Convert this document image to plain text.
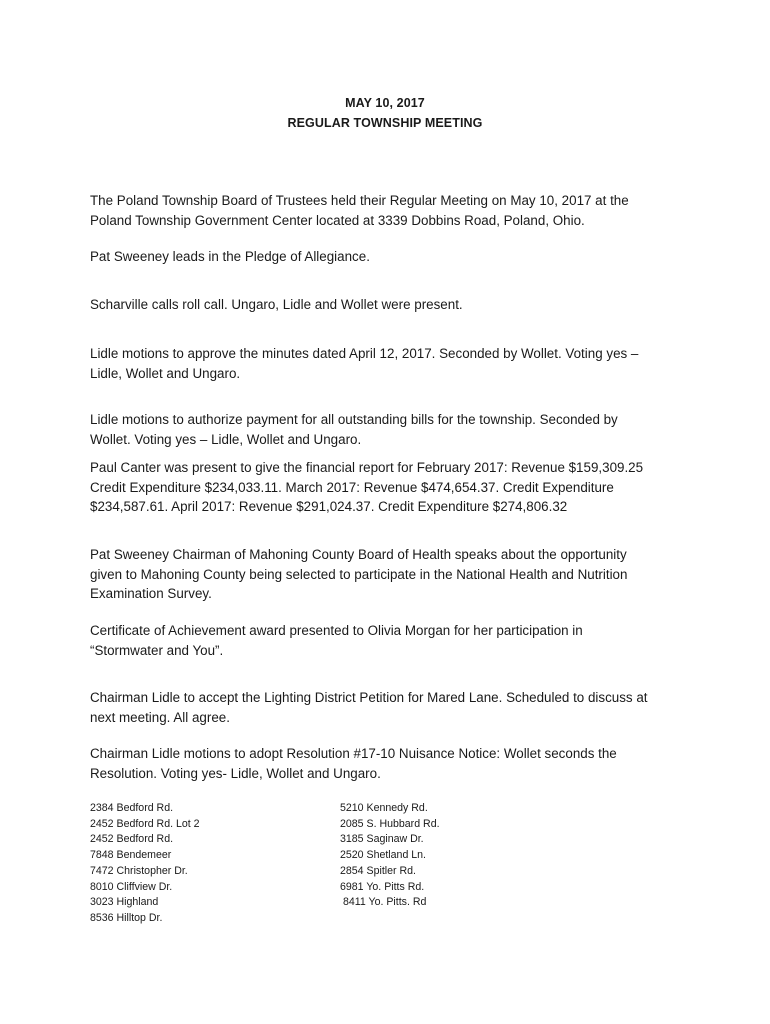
MAY 10, 2017
REGULAR TOWNSHIP MEETING

The Poland Township Board of Trustees held their Regular Meeting on May 10, 2017 at the
Poland Township Government Center located at 3339 Dobbins Road, Poland, Ohio.

Pat Sweeney leads in the Pledge of Allegiance.

Scharville calls roll call. Ungaro, Lidle and Wollet were present.

Lidle motions to approve the minutes dated April 12, 2017. Seconded by Wollet. Voting yes –
Lidle, Wollet and Ungaro.

Lidle motions to authorize payment for all outstanding bills for the township. Seconded by
Wollet. Voting yes – Lidle, Wollet and Ungaro.

Paul Canter was present to give the financial report for February 2017: Revenue $159,309.25
Credit Expenditure $234,033.11. March 2017: Revenue $474,654.37. Credit Expenditure
$234,587.61. April 2017: Revenue $291,024.37. Credit Expenditure $274,806.32

Pat Sweeney Chairman of Mahoning County Board of Health speaks about the opportunity
given to Mahoning County being selected to participate in the National Health and Nutrition
Examination Survey.

Certificate of Achievement award presented to Olivia Morgan for her participation in
“Stormwater and You”.

Chairman Lidle to accept the Lighting District Petition for Mared Lane. Scheduled to discuss at
next meeting. All agree.

Chairman Lidle motions to adopt Resolution #17-10 Nuisance Notice: Wollet seconds the
Resolution. Voting yes- Lidle, Wollet and Ungaro.

2384 Bedford Rd.
2452 Bedford Rd. Lot 2
2452 Bedford Rd.
7848 Bendemeer
7472 Christopher Dr.
8010 Cliffview Dr.
3023 Highland
8536 Hilltop Dr.
5210 Kennedy Rd.
2085 S. Hubbard Rd.
3185 Saginaw Dr.
2520 Shetland Ln.
2854 Spitler Rd.
6981 Yo. Pitts Rd.
8411 Yo. Pitts. Rd
